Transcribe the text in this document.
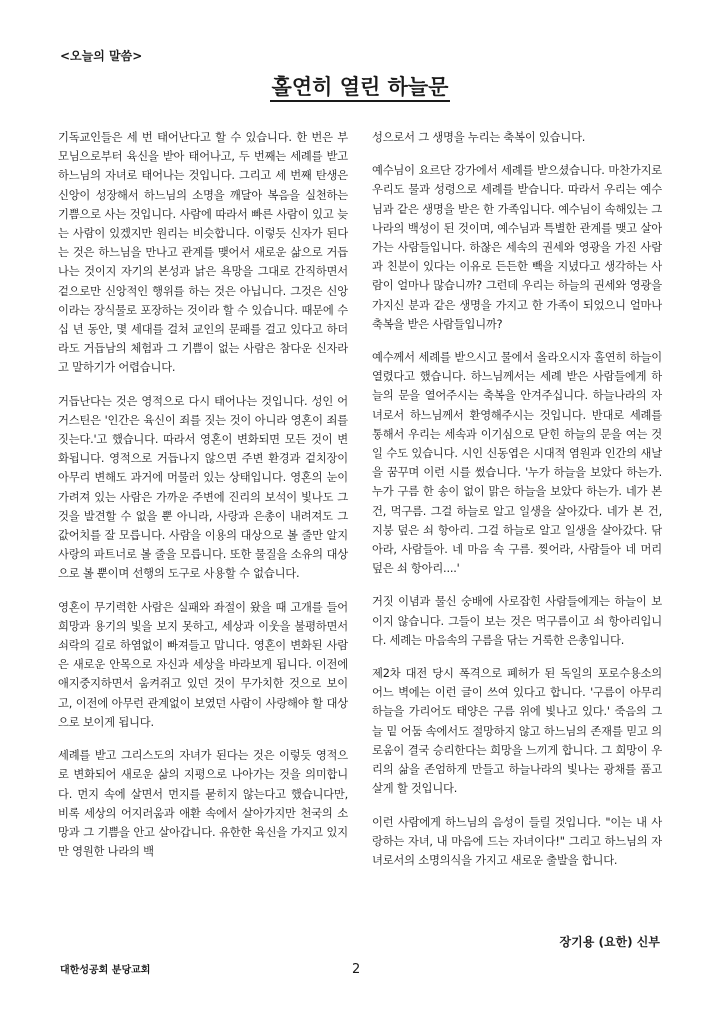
<오늘의 말씀>
홀연히 열린 하늘문

기독교인들은 세 번 태어난다고 할 수 있습니다. 한 번은 부모님으로부터 육신을 받아 태어나고, 두 번째는 세례를 받고 하느님의 자녀로 태어나는 것입니다. 그리고 세 번째 탄생은 신앙이 성장해서 하느님의 소명을 깨달아 복음을 실천하는 기쁨으로 사는 것입니다. 사람에 따라서 빠른 사람이 있고 늦는 사람이 있겠지만 원리는 비슷합니다. 이렇듯 신자가 된다는 것은 하느님을 만나고 관계를 맺어서 새로운 삶으로 거듭나는 것이지 자기의 본성과 낡은 욕망을 그대로 간직하면서 겉으로만 신앙적인 행위를 하는 것은 아닙니다. 그것은 신앙이라는 장식물로 포장하는 것이라 할 수 있습니다. 때문에 수 십 년 동안, 몇 세대를 걸쳐 교인의 문패를 걸고 있다고 하더라도 거듭남의 체험과 그 기쁨이 없는 사람은 참다운 신자라고 말하기가 어렵습니다.

거듭난다는 것은 영적으로 다시 태어나는 것입니다. 성인 어거스틴은 '인간은 육신이 죄를 짓는 것이 아니라 영혼이 죄를 짓는다.'고 했습니다. 따라서 영혼이 변화되면 모든 것이 변화됩니다. 영적으로 거듭나지 않으면 주변 환경과 겉치장이 아무리 변해도 과거에 머물러 있는 상태입니다. 영혼의 눈이 가려져 있는 사람은 가까운 주변에 진리의 보석이 빛나도 그것을 발견할 수 없을 뿐 아니라, 사랑과 은총이 내려져도 그 값어치를 잘 모릅니다. 사람을 이용의 대상으로 볼 줄만 알지 사랑의 파트너로 볼 줄을 모릅니다. 또한 물질을 소유의 대상으로 볼 뿐이며 선행의 도구로 사용할 수 없습니다.

영혼이 무기력한 사람은 실패와 좌절이 왔을 때 고개를 들어 희망과 용기의 빛을 보지 못하고, 세상과 이웃을 불평하면서 쇠락의 길로 하염없이 빠져들고 맙니다. 영혼이 변화된 사람은 새로운 안목으로 자신과 세상을 바라보게 됩니다. 이전에 애지중지하면서 움켜쥐고 있던 것이 무가치한 것으로 보이고, 이전에 아무런 관계없이 보였던 사람이 사랑해야 할 대상으로 보이게 됩니다.

세례를 받고 그리스도의 자녀가 된다는 것은 이렇듯 영적으로 변화되어 새로운 삶의 지평으로 나아가는 것을 의미합니다. 먼지 속에 살면서 먼지를 묻히지 않는다고 했습니다만, 비록 세상의 어지러움과 애환 속에서 살아가지만 천국의 소망과 그 기쁨을 안고 살아갑니다. 유한한 육신을 가지고 있지만 영원한 나라의 백

성으로서 그 생명을 누리는 축복이 있습니다.

예수님이 요르단 강가에서 세례를 받으셨습니다. 마찬가지로 우리도 물과 성령으로 세례를 받습니다. 따라서 우리는 예수님과 같은 생명을 받은 한 가족입니다. 예수님이 속해있는 그 나라의 백성이 된 것이며, 예수님과 특별한 관계를 맺고 살아가는 사람들입니다. 하찮은 세속의 권세와 영광을 가진 사람과 친분이 있다는 이유로 든든한 빽을 지녔다고 생각하는 사람이 얼마나 많습니까? 그런데 우리는 하늘의 권세와 영광을 가지신 분과 같은 생명을 가지고 한 가족이 되었으니 얼마나 축복을 받은 사람들입니까?

예수께서 세례를 받으시고 물에서 올라오시자 홀연히 하늘이 열렸다고 했습니다. 하느님께서는 세례 받은 사람들에게 하늘의 문을 열어주시는 축복을 안겨주십니다. 하늘나라의 자녀로서 하느님께서 환영해주시는 것입니다. 반대로 세례를 통해서 우리는 세속과 이기심으로 닫힌 하늘의 문을 여는 것일 수도 있습니다. 시인 신동엽은 시대적 염원과 인간의 새날을 꿈꾸며 이런 시를 썼습니다. '누가 하늘을 보았다 하는가. 누가 구름 한 송이 없이 맑은 하늘을 보았다 하는가. 네가 본 건, 먹구름. 그걸 하늘로 알고 일생을 살아갔다. 네가 본 건, 지붕 덮은 쇠 항아리. 그걸 하늘로 알고 일생을 살아갔다. 닦아라, 사람들아. 네 마음 속 구름. 찢어라, 사람들아 네 머리 덮은 쇠 항아리....'

거짓 이념과 물신 숭배에 사로잡힌 사람들에게는 하늘이 보이지 않습니다. 그들이 보는 것은 먹구름이고 쇠 항아리입니다. 세례는 마음속의 구름을 닦는 거룩한 은총입니다.

제2차 대전 당시 폭격으로 폐허가 된 독일의 포로수용소의 어느 벽에는 이런 글이 쓰여 있다고 합니다. '구름이 아무리 하늘을 가리어도 태양은 구름 위에 빛나고 있다.' 죽음의 그늘 밑 어둠 속에서도 절망하지 않고 하느님의 존재를 믿고 의로움이 결국 승리한다는 희망을 느끼게 합니다. 그 희망이 우리의 삶을 존엄하게 만들고 하늘나라의 빛나는 광채를 품고 살게 할 것입니다.

이런 사람에게 하느님의 음성이 들릴 것입니다. "이는 내 사랑하는 자녀, 내 마음에 드는 자녀이다!" 그리고 하느님의 자녀로서의 소명의식을 가지고 새로운 출발을 합니다.

장기용 (요한) 신부
대한성공회 분당교회	2
